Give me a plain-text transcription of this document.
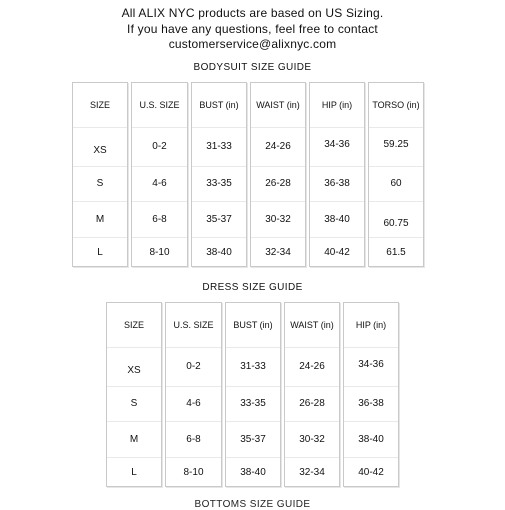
All ALIX NYC products are based on US Sizing.
If you have any questions, feel free to contact
customerservice@alixnyc.com
BODYSUIT SIZE GUIDE
SIZE
XS
S
M
L
U.S. SIZE
0-2
4-6
6-8
8-10
BUST (in)
31-33
33-35
35-37
38-40
WAIST (in)
24-26
26-28
30-32
32-34
HIP (in)
34-36
36-38
38-40
40-42
TORSO (in)
59.25
60
60.75
61.5
DRESS SIZE GUIDE
SIZE
XS
S
M
L
U.S. SIZE
0-2
4-6
6-8
8-10
BUST (in)
31-33
33-35
35-37
38-40
WAIST (in)
24-26
26-28
30-32
32-34
HIP (in)
34-36
36-38
38-40
40-42
BOTTOMS SIZE GUIDE
